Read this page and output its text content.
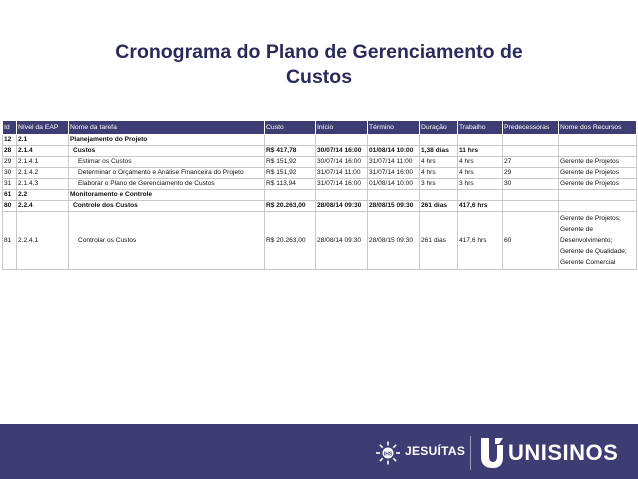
Cronograma do Plano de Gerenciamento de
Custos
Id	Nível da EAP	Nome da tarefa	Custo	Início	Término	Duração	Trabalho	Predecessoras	Nome dos Recursos
12	2.1	Planejamento do Projeto							
28	2.1.4	Custos	R$ 417,78	30/07/14 16:00	01/08/14 10:00	1,38 dias	11 hrs		
29	2.1.4.1	Estimar os Custos	R$ 151,92	30/07/14 16:00	31/07/14 11:00	4 hrs	4 hrs	27	Gerente de Projetos
30	2.1.4.2	Determinar o Orçamento e Análise Financeira do Projeto	R$ 151,92	31/07/14 11:00	31/07/14 16:00	4 hrs	4 hrs	29	Gerente de Projetos
31	2.1.4.3	Elaborar o Plano de Gerenciamento de Custos	R$ 113,94	31/07/14 16:00	01/08/14 10:00	3 hrs	3 hrs	30	Gerente de Projetos
61	2.2	Monitoramento e Controle							
80	2.2.4	Controle dos Custos	R$ 20.263,00	28/08/14 09:30	28/08/15 09:30	261 dias	417,6 hrs		
81	2.2.4.1	Controlar os Custos	R$ 20.263,00	28/08/14 09:30	28/08/15 09:30	261 dias	417,6 hrs	60	Gerente de Projetos;
Gerente de
Desenvolvimento;
Gerente de Qualidade;
Gerente Comercial
IHS JESUÍTAS UNISINOS
